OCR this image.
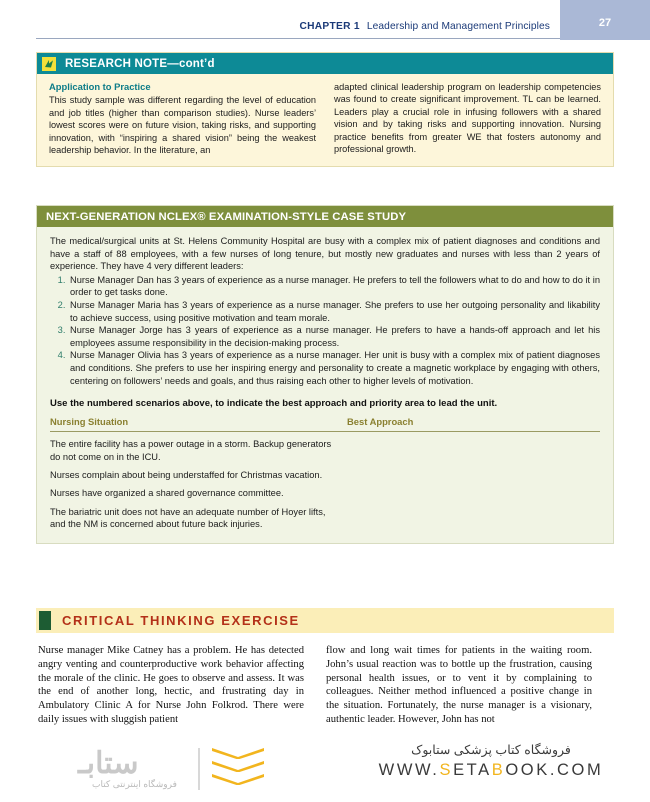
CHAPTER 1 Leadership and Management Principles	27
RESEARCH NOTE—cont’d
Application to Practice
This study sample was different regarding the level of education and job titles (higher than comparison studies). Nurse leaders’ lowest scores were on future vision, taking risks, and supporting innovation, with “inspiring a shared vision” being the weakest leadership behavior. In the literature, an
adapted clinical leadership program on leadership competencies was found to create significant improvement. TL can be learned. Leaders play a crucial role in infusing followers with a shared vision and by taking risks and supporting innovation. Nursing practice benefits from greater WE that fosters autonomy and professional growth.
NEXT-GENERATION NCLEX® EXAMINATION-STYLE CASE STUDY
The medical/surgical units at St. Helens Community Hospital are busy with a complex mix of patient diagnoses and conditions and have a staff of 88 employees, with a few nurses of long tenure, but mostly new graduates and nurses with less than 2 years of experience. They have 4 very different leaders:
1. Nurse Manager Dan has 3 years of experience as a nurse manager. He prefers to tell the followers what to do and how to do it in order to get tasks done.
2. Nurse Manager Maria has 3 years of experience as a nurse manager. She prefers to use her outgoing personality and likability to achieve success, using positive motivation and team morale.
3. Nurse Manager Jorge has 3 years of experience as a nurse manager. He prefers to have a hands-off approach and let his employees assume responsibility in the decision-making process.
4. Nurse Manager Olivia has 3 years of experience as a nurse manager. Her unit is busy with a complex mix of patient diagnoses and conditions. She prefers to use her inspiring energy and personality to create a magnetic workplace by engaging with others, centering on followers’ needs and goals, and thus raising each other to higher levels of motivation.
Use the numbered scenarios above, to indicate the best approach and priority area to lead the unit.
Nursing Situation	Best Approach
The entire facility has a power outage in a storm. Backup generators do not come on in the ICU.	
Nurses complain about being understaffed for Christmas vacation.	
Nurses have organized a shared governance committee.	
The bariatric unit does not have an adequate number of Hoyer lifts, and the NM is concerned about future back injuries.	
CRITICAL THINKING EXERCISE
Nurse manager Mike Catney has a problem. He has detected angry venting and counterproductive work behavior affecting the morale of the clinic. He goes to observe and assess. It was the end of another long, hectic, and frustrating day in Ambulatory Clinic A for Nurse John Folkrod. There were daily issues with sluggish patient
flow and long wait times for patients in the waiting room. John’s usual reaction was to bottle up the frustration, causing personal health issues, or to vent it by complaining to colleagues. Neither method influenced a positive change in the situation. Fortunately, the nurse manager is a visionary, authentic leader. However, John has not
ستابـ
فروشگاه اینترنتی کتاب
فروشگاه کتاب پزشکی ستابوک
WWW.SETABOOK.COM
